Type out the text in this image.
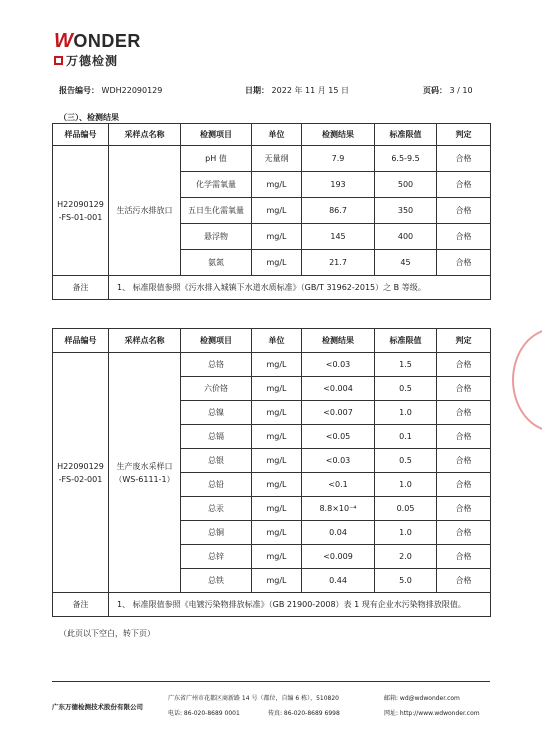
WONDER
万德检测
报告编号： WDH22090129	日期： 2022 年 11 月 15 日	页码： 3 / 10
（三）、检测结果
样品编号	采样点名称	检测项目	单位	检测结果	标准限值	判定
H22090129 -FS-01-001	生活污水排放口	pH 值	无量纲	7.9	6.5-9.5	合格
		化学需氧量	mg/L	193	500	合格
		五日生化需氧量	mg/L	86.7	350	合格
		悬浮物	mg/L	145	400	合格
		氨氮	mg/L	21.7	45	合格
备注	1、 标准限值参照《污水排入城镇下水道水质标准》（GB/T 31962-2015）之 B 等级。					
样品编号	采样点名称	检测项目	单位	检测结果	标准限值	判定
H22090129 -FS-02-001	生产废水采样口 （WS-6111-1）	总铬	mg/L	<0.03	1.5	合格
		六价铬	mg/L	<0.004	0.5	合格
		总镍	mg/L	<0.007	1.0	合格
		总镉	mg/L	<0.05	0.1	合格
		总银	mg/L	<0.03	0.5	合格
		总铅	mg/L	<0.1	1.0	合格
		总汞	mg/L	8.8×10⁻⁴	0.05	合格
		总铜	mg/L	0.04	1.0	合格
		总锌	mg/L	<0.009	2.0	合格
		总铁	mg/L	0.44	5.0	合格
备注	1、 标准限值参照《电镀污染物排放标准》（GB 21900-2008）表 1 现有企业水污染物排放限值。					
（此页以下空白，转下页）
广东万德检测技术股份有限公司
广东省广州市花都区商新路 14 号（都位，自编 6 栋），510820
电话: 86-020-8689 0001	传真: 86-020-8689 6998
邮箱: wd@wdwonder.com
网址: http://www.wdwonder.com
